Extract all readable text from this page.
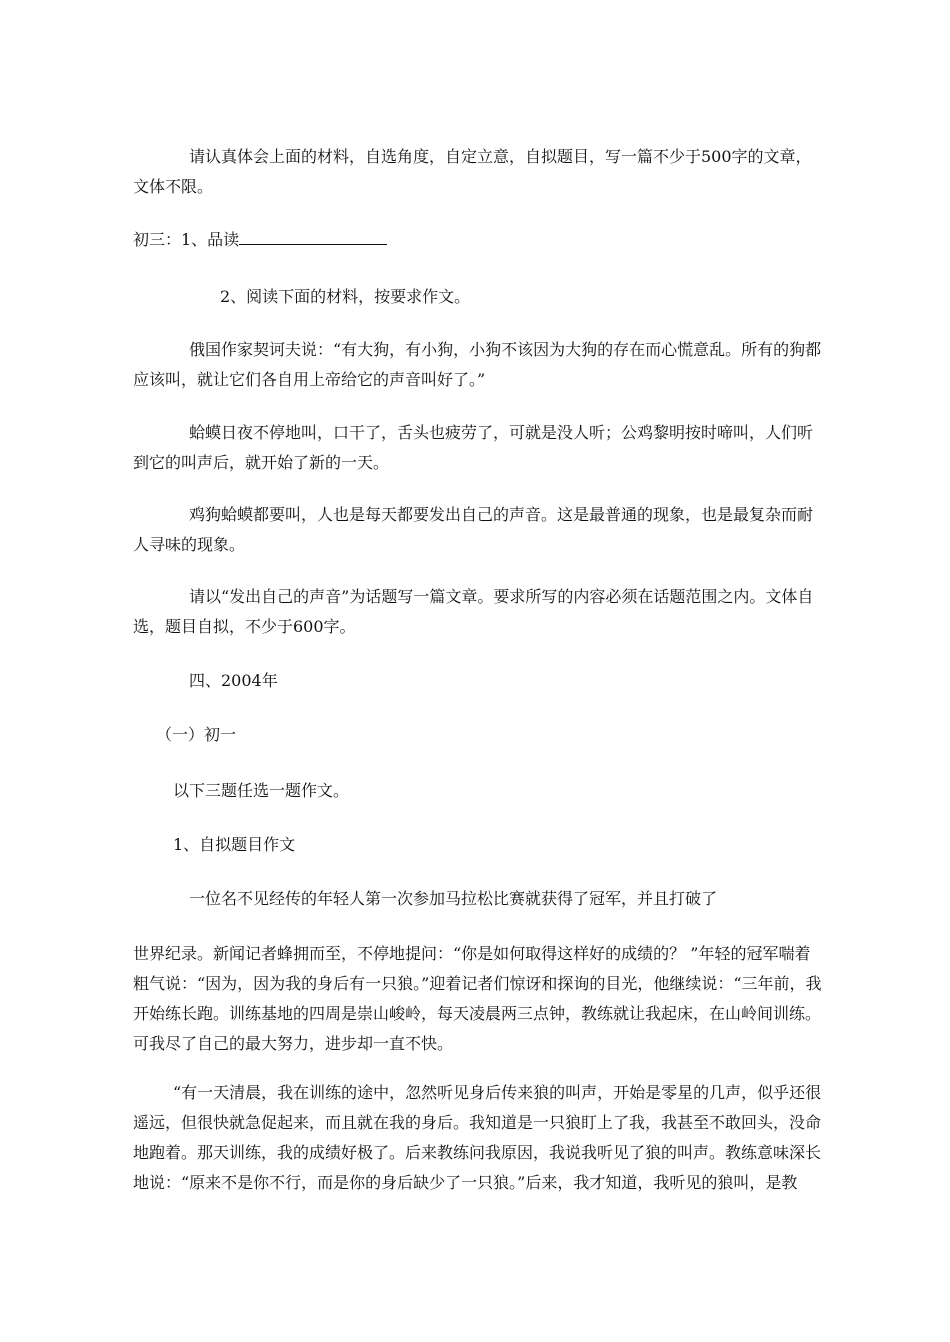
请认真体会上面的材料，自选角度，自定立意，自拟题目，写一篇不少于500字的文章，文体不限。

初三：1、品读

2、阅读下面的材料，按要求作文。

俄国作家契诃夫说：“有大狗，有小狗，小狗不该因为大狗的存在而心慌意乱。所有的狗都应该叫，就让它们各自用上帝给它的声音叫好了。”

蛤蟆日夜不停地叫，口干了，舌头也疲劳了，可就是没人听；公鸡黎明按时啼叫，人们听到它的叫声后，就开始了新的一天。

鸡狗蛤蟆都要叫，人也是每天都要发出自己的声音。这是最普通的现象，也是最复杂而耐人寻味的现象。

请以“发出自己的声音”为话题写一篇文章。要求所写的内容必须在话题范围之内。文体自选，题目自拟，不少于600字。

四、2004年

（一）初一

以下三题任选一题作文。

1、自拟题目作文

一位名不见经传的年轻人第一次参加马拉松比赛就获得了冠军，并且打破了

世界纪录。新闻记者蜂拥而至，不停地提问：“你是如何取得这样好的成绩的？ ”年轻的冠军喘着粗气说：“因为，因为我的身后有一只狼。”迎着记者们惊讶和探询的目光，他继续说：“三年前，我开始练长跑。训练基地的四周是崇山峻岭，每天凌晨两三点钟，教练就让我起床，在山岭间训练。可我尽了自己的最大努力，进步却一直不快。

“有一天清晨，我在训练的途中，忽然听见身后传来狼的叫声，开始是零星的几声，似乎还很遥远，但很快就急促起来，而且就在我的身后。我知道是一只狼盯上了我，我甚至不敢回头，没命地跑着。那天训练，我的成绩好极了。后来教练问我原因，我说我听见了狼的叫声。教练意味深长地说：“原来不是你不行，而是你的身后缺少了一只狼。”后来，我才知道，我听见的狼叫，是教
